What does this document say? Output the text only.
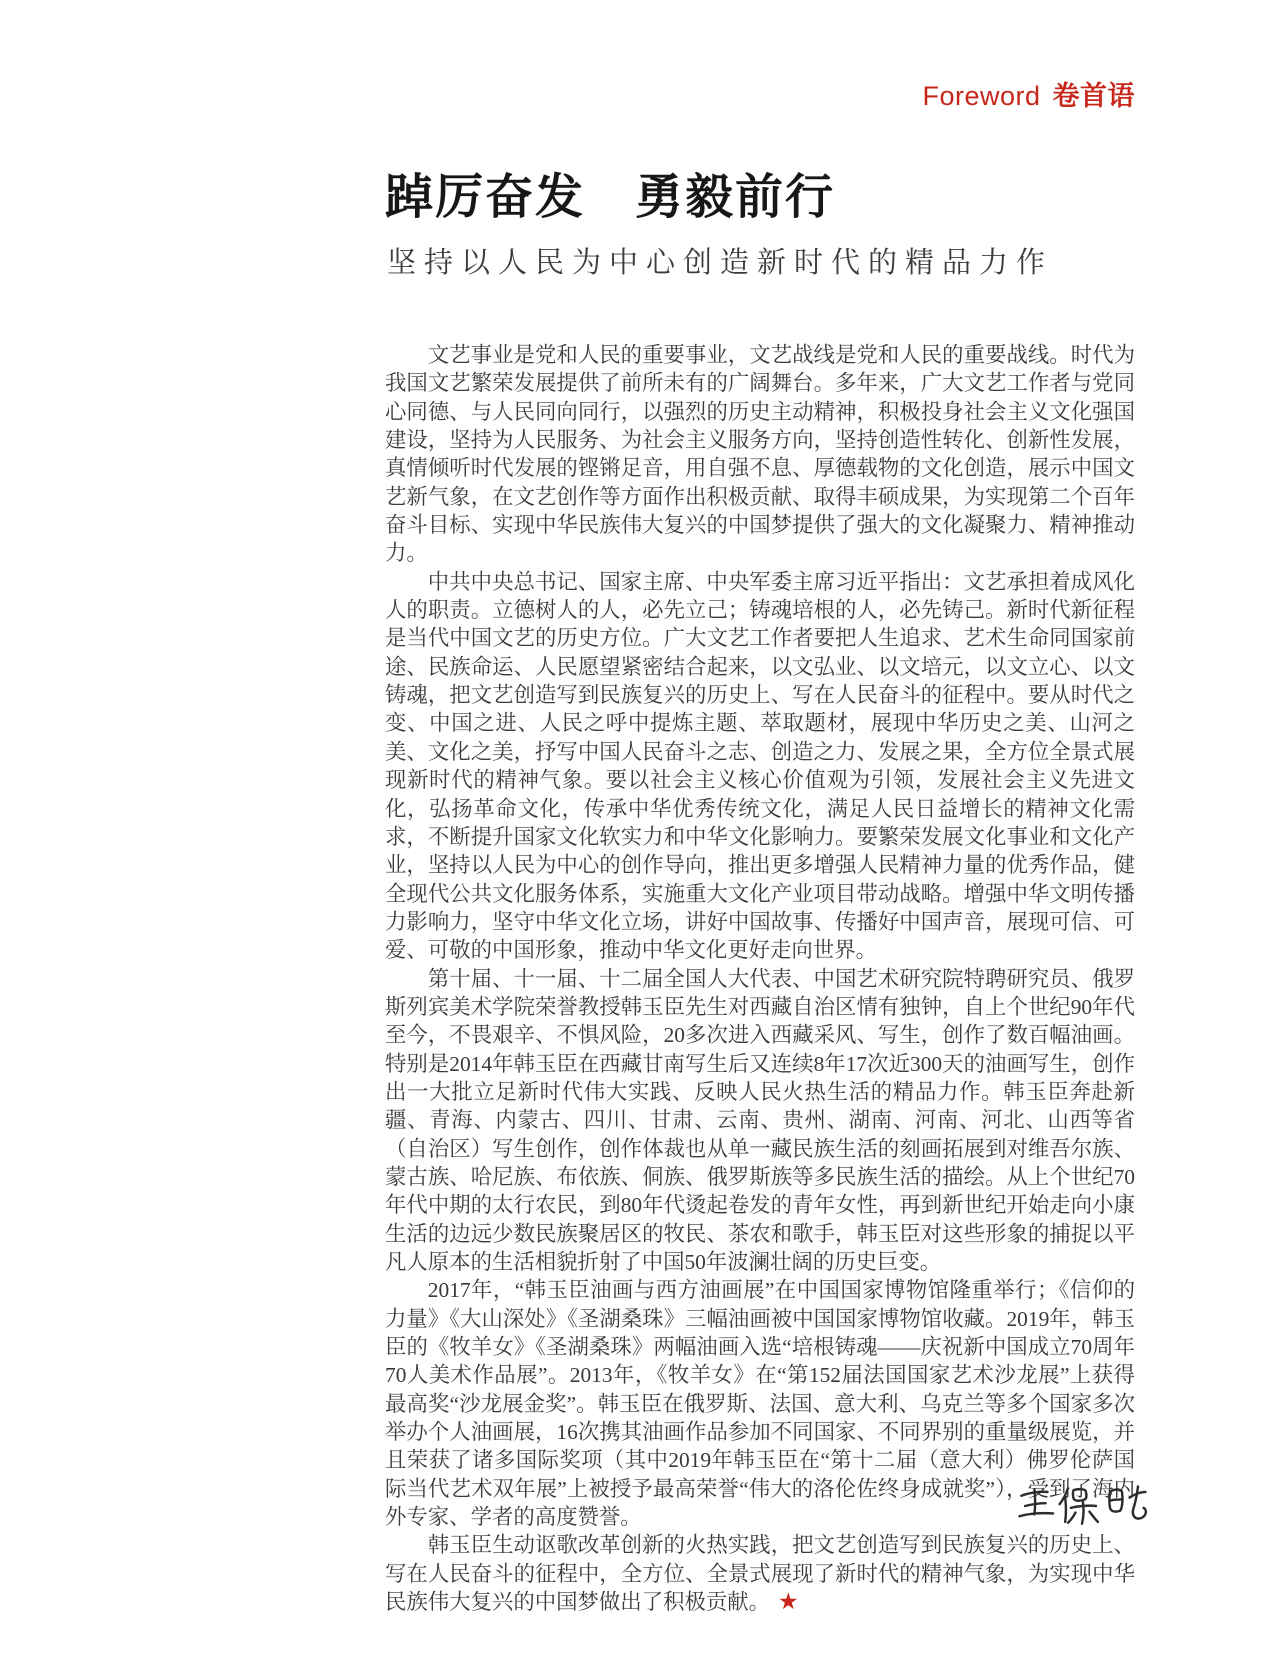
Foreword 卷首语
踔厉奋发　勇毅前行
坚持以人民为中心创造新时代的精品力作

文艺事业是党和人民的重要事业，文艺战线是党和人民的重要战线。时代为我国文艺繁荣发展提供了前所未有的广阔舞台。多年来，广大文艺工作者与党同心同德、与人民同向同行，以强烈的历史主动精神，积极投身社会主义文化强国建设，坚持为人民服务、为社会主义服务方向，坚持创造性转化、创新性发展，真情倾听时代发展的铿锵足音，用自强不息、厚德载物的文化创造，展示中国文艺新气象，在文艺创作等方面作出积极贡献、取得丰硕成果，为实现第二个百年奋斗目标、实现中华民族伟大复兴的中国梦提供了强大的文化凝聚力、精神推动力。

中共中央总书记、国家主席、中央军委主席习近平指出：文艺承担着成风化人的职责。立德树人的人，必先立己；铸魂培根的人，必先铸己。新时代新征程是当代中国文艺的历史方位。广大文艺工作者要把人生追求、艺术生命同国家前途、民族命运、人民愿望紧密结合起来，以文弘业、以文培元，以文立心、以文铸魂，把文艺创造写到民族复兴的历史上、写在人民奋斗的征程中。要从时代之变、中国之进、人民之呼中提炼主题、萃取题材，展现中华历史之美、山河之美、文化之美，抒写中国人民奋斗之志、创造之力、发展之果，全方位全景式展现新时代的精神气象。要以社会主义核心价值观为引领，发展社会主义先进文化，弘扬革命文化，传承中华优秀传统文化，满足人民日益增长的精神文化需求，不断提升国家文化软实力和中华文化影响力。要繁荣发展文化事业和文化产业，坚持以人民为中心的创作导向，推出更多增强人民精神力量的优秀作品，健全现代公共文化服务体系，实施重大文化产业项目带动战略。增强中华文明传播力影响力，坚守中华文化立场，讲好中国故事、传播好中国声音，展现可信、可爱、可敬的中国形象，推动中华文化更好走向世界。

第十届、十一届、十二届全国人大代表、中国艺术研究院特聘研究员、俄罗斯列宾美术学院荣誉教授韩玉臣先生对西藏自治区情有独钟，自上个世纪90年代至今，不畏艰辛、不惧风险，20多次进入西藏采风、写生，创作了数百幅油画。特别是2014年韩玉臣在西藏甘南写生后又连续8年17次近300天的油画写生，创作出一大批立足新时代伟大实践、反映人民火热生活的精品力作。韩玉臣奔赴新疆、青海、内蒙古、四川、甘肃、云南、贵州、湖南、河南、河北、山西等省（自治区）写生创作，创作体裁也从单一藏民族生活的刻画拓展到对维吾尔族、蒙古族、哈尼族、布依族、侗族、俄罗斯族等多民族生活的描绘。从上个世纪70年代中期的太行农民，到80年代烫起卷发的青年女性，再到新世纪开始走向小康生活的边远少数民族聚居区的牧民、茶农和歌手，韩玉臣对这些形象的捕捉以平凡人原本的生活相貌折射了中国50年波澜壮阔的历史巨变。

2017年，“韩玉臣油画与西方油画展”在中国国家博物馆隆重举行；《信仰的力量》《大山深处》《圣湖桑珠》三幅油画被中国国家博物馆收藏。2019年，韩玉臣的《牧羊女》《圣湖桑珠》两幅油画入选“培根铸魂——庆祝新中国成立70周年70人美术作品展”。2013年，《牧羊女》在“第152届法国国家艺术沙龙展”上获得最高奖“沙龙展金奖”。韩玉臣在俄罗斯、法国、意大利、乌克兰等多个国家多次举办个人油画展，16次携其油画作品参加不同国家、不同界别的重量级展览，并且荣获了诸多国际奖项（其中2019年韩玉臣在“第十二届（意大利）佛罗伦萨国际当代艺术双年展”上被授予最高荣誉“伟大的洛伦佐终身成就奖”），受到了海内外专家、学者的高度赞誉。

韩玉臣生动讴歌改革创新的火热实践，把文艺创造写到民族复兴的历史上、写在人民奋斗的征程中，全方位、全景式展现了新时代的精神气象，为实现中华民族伟大复兴的中国梦做出了积极贡献。 ★
